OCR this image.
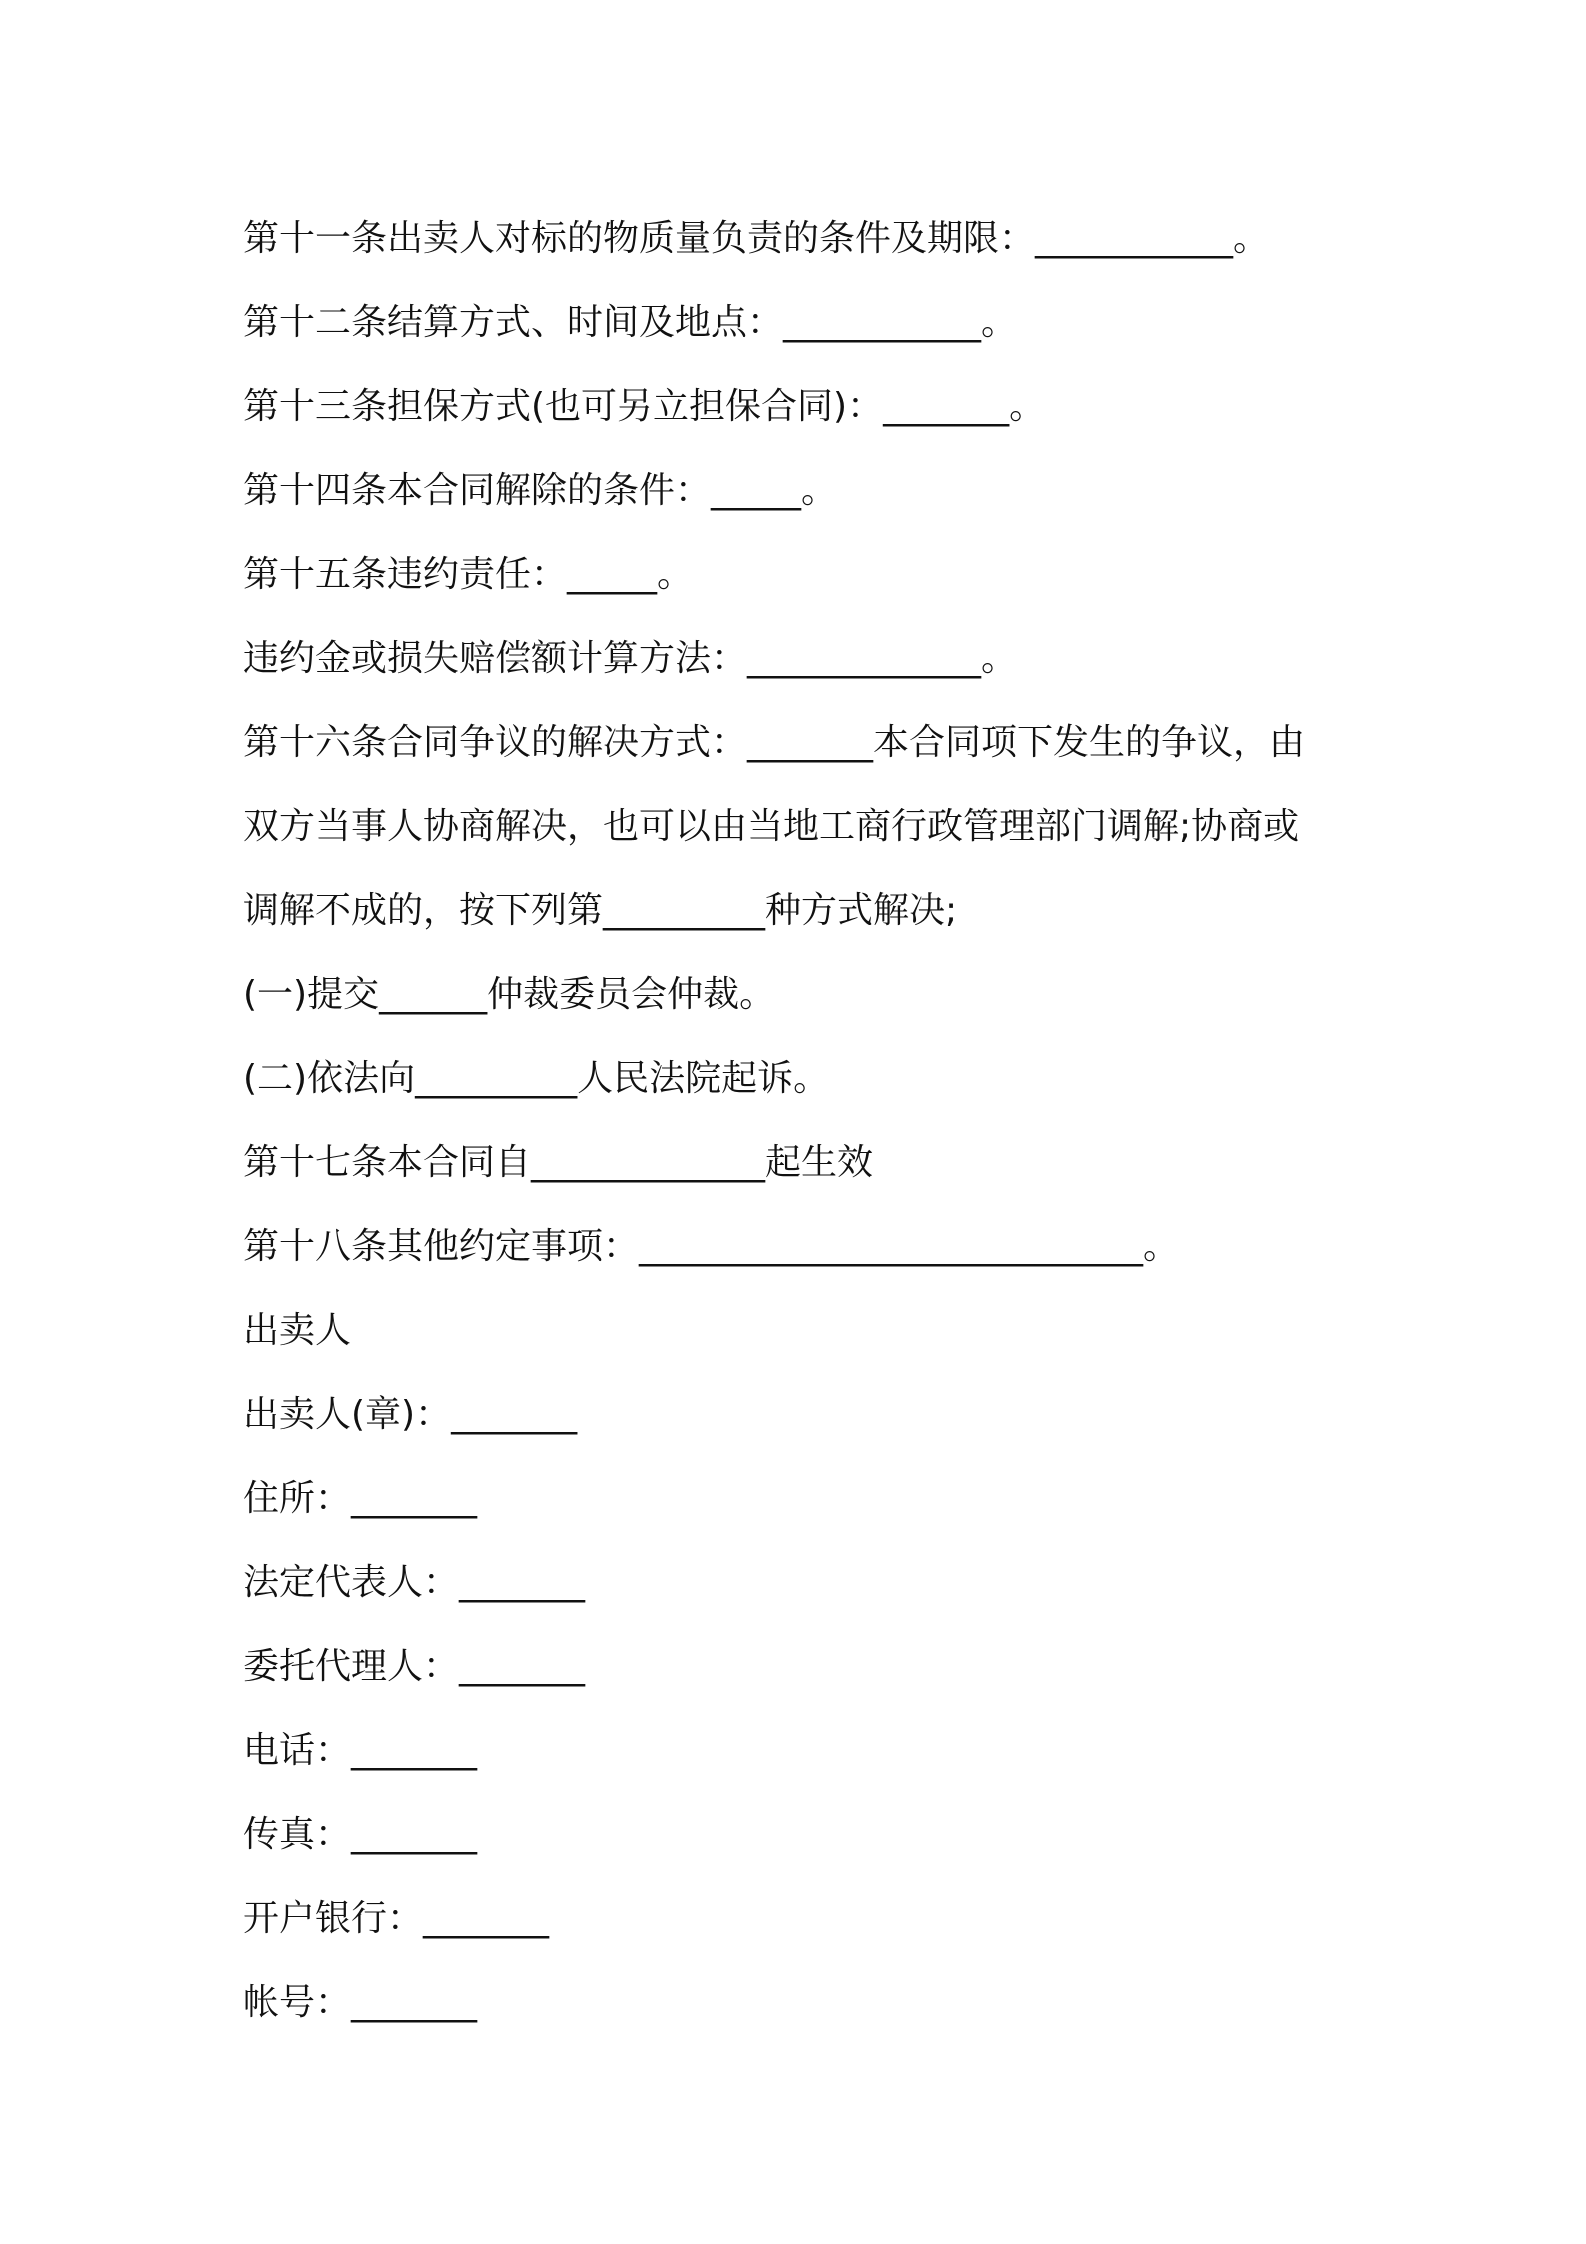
第十一条出卖人对标的物质量负责的条件及期限：___________。

第十二条结算方式、时间及地点：___________。

第十三条担保方式(也可另立担保合同)：_______。

第十四条本合同解除的条件：_____。

第十五条违约责任：_____。

违约金或损失赔偿额计算方法：_____________。

第十六条合同争议的解决方式：_______本合同项下发生的争议，由

双方当事人协商解决，也可以由当地工商行政管理部门调解;协商或

调解不成的，按下列第_________种方式解决;

(一)提交______仲裁委员会仲裁。

(二)依法向_________人民法院起诉。

第十七条本合同自_____________起生效

第十八条其他约定事项：____________________________。

出卖人

出卖人(章)：_______

住所：_______

法定代表人：_______

委托代理人：_______

电话：_______

传真：_______

开户银行：_______

帐号：_______
